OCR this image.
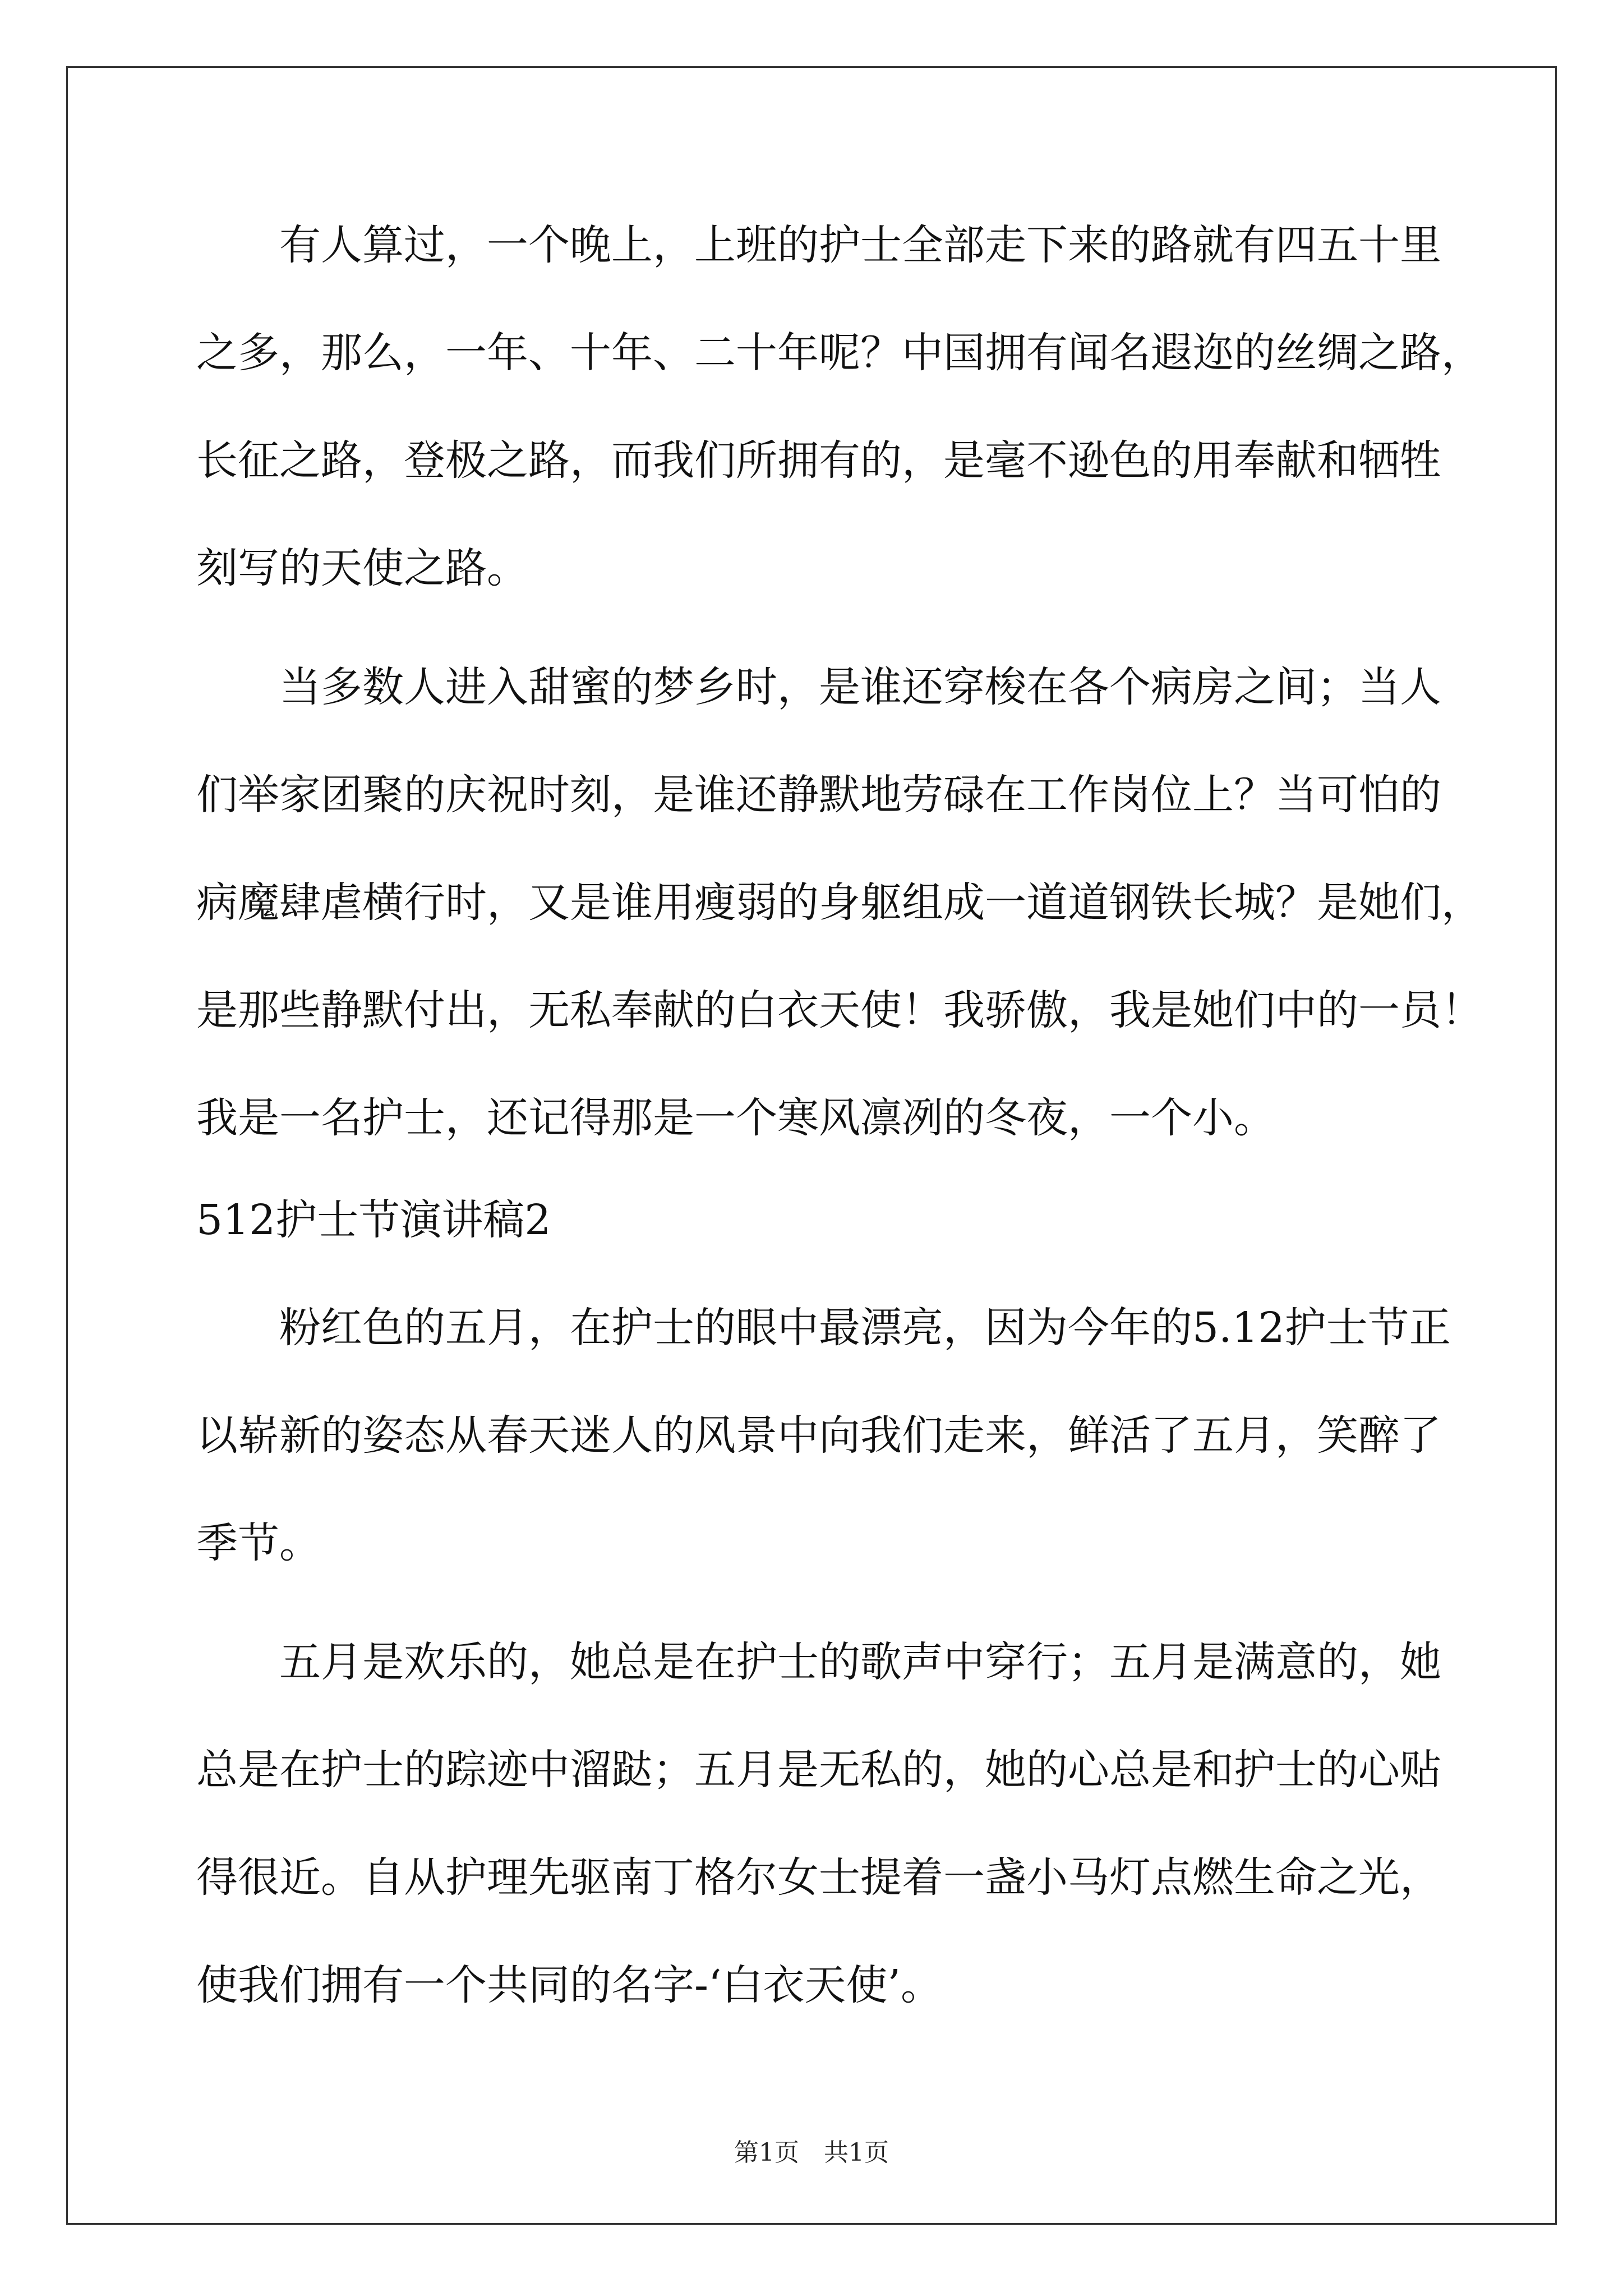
　　有人算过，一个晚上，上班的护士全部走下来的路就有四五十里
之多，那么，一年、十年、二十年呢？中国拥有闻名遐迩的丝绸之路，
长征之路，登极之路，而我们所拥有的，是毫不逊色的用奉献和牺牲
刻写的天使之路。
　　当多数人进入甜蜜的梦乡时，是谁还穿梭在各个病房之间；当人
们举家团聚的庆祝时刻，是谁还静默地劳碌在工作岗位上？当可怕的
病魔肆虐横行时，又是谁用瘦弱的身躯组成一道道钢铁长城？是她们，
是那些静默付出，无私奉献的白衣天使！我骄傲，我是她们中的一员！
我是一名护士，还记得那是一个寒风凛冽的冬夜，一个小。
512护士节演讲稿2
　　粉红色的五月，在护士的眼中最漂亮，因为今年的5.12护士节正
以崭新的姿态从春天迷人的风景中向我们走来，鲜活了五月，笑醉了
季节。
　　五月是欢乐的，她总是在护士的歌声中穿行；五月是满意的，她
总是在护士的踪迹中溜跶；五月是无私的，她的心总是和护士的心贴
得很近。自从护理先驱南丁格尔女士提着一盏小马灯点燃生命之光，
使我们拥有一个共同的名字-‘白衣天使’。
第1页　共1页
